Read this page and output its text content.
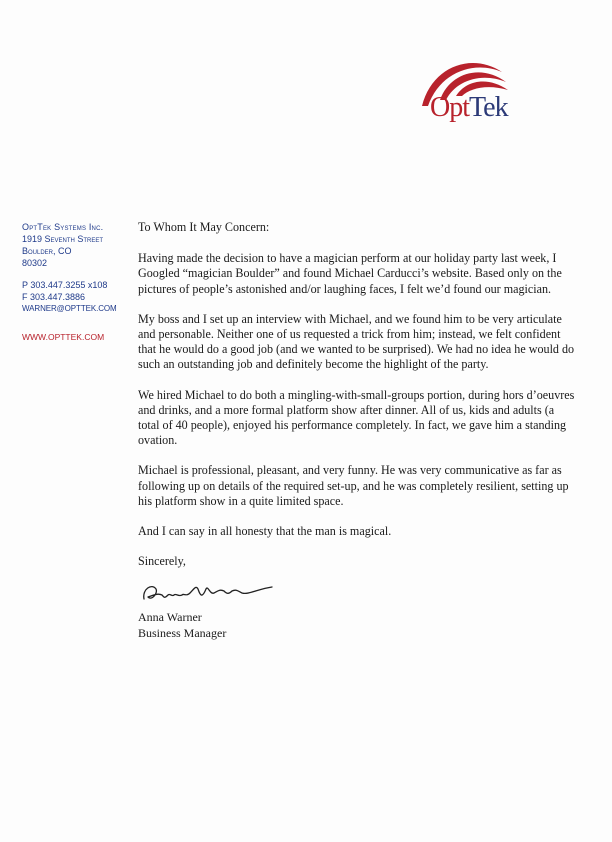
OptTek
OptTek Systems Inc.
1919 Seventh Street
Boulder, CO
80302
P 303.447.3255 x108
F 303.447.3886
WARNER@OPTTEK.COM
WWW.OPTTEK.COM

To Whom It May Concern:

Having made the decision to have a magician perform at our holiday party last week, I Googled “magician Boulder” and found Michael Carducci’s website. Based only on the pictures of people’s astonished and/or laughing faces, I felt we’d found our magician.

My boss and I set up an interview with Michael, and we found him to be very articulate and personable. Neither one of us requested a trick from him; instead, we felt confident that he would do a good job (and we wanted to be surprised). We had no idea he would do such an outstanding job and definitely become the highlight of the party.

We hired Michael to do both a mingling-with-small-groups portion, during hors d’oeuvres and drinks, and a more formal platform show after dinner. All of us, kids and adults (a total of 40 people), enjoyed his performance completely. In fact, we gave him a standing ovation.

Michael is professional, pleasant, and very funny. He was very communicative as far as following up on details of the required set-up, and he was completely resilient, setting up his platform show in a quite limited space.

And I can say in all honesty that the man is magical.

Sincerely,

Anna Warner
Business Manager
